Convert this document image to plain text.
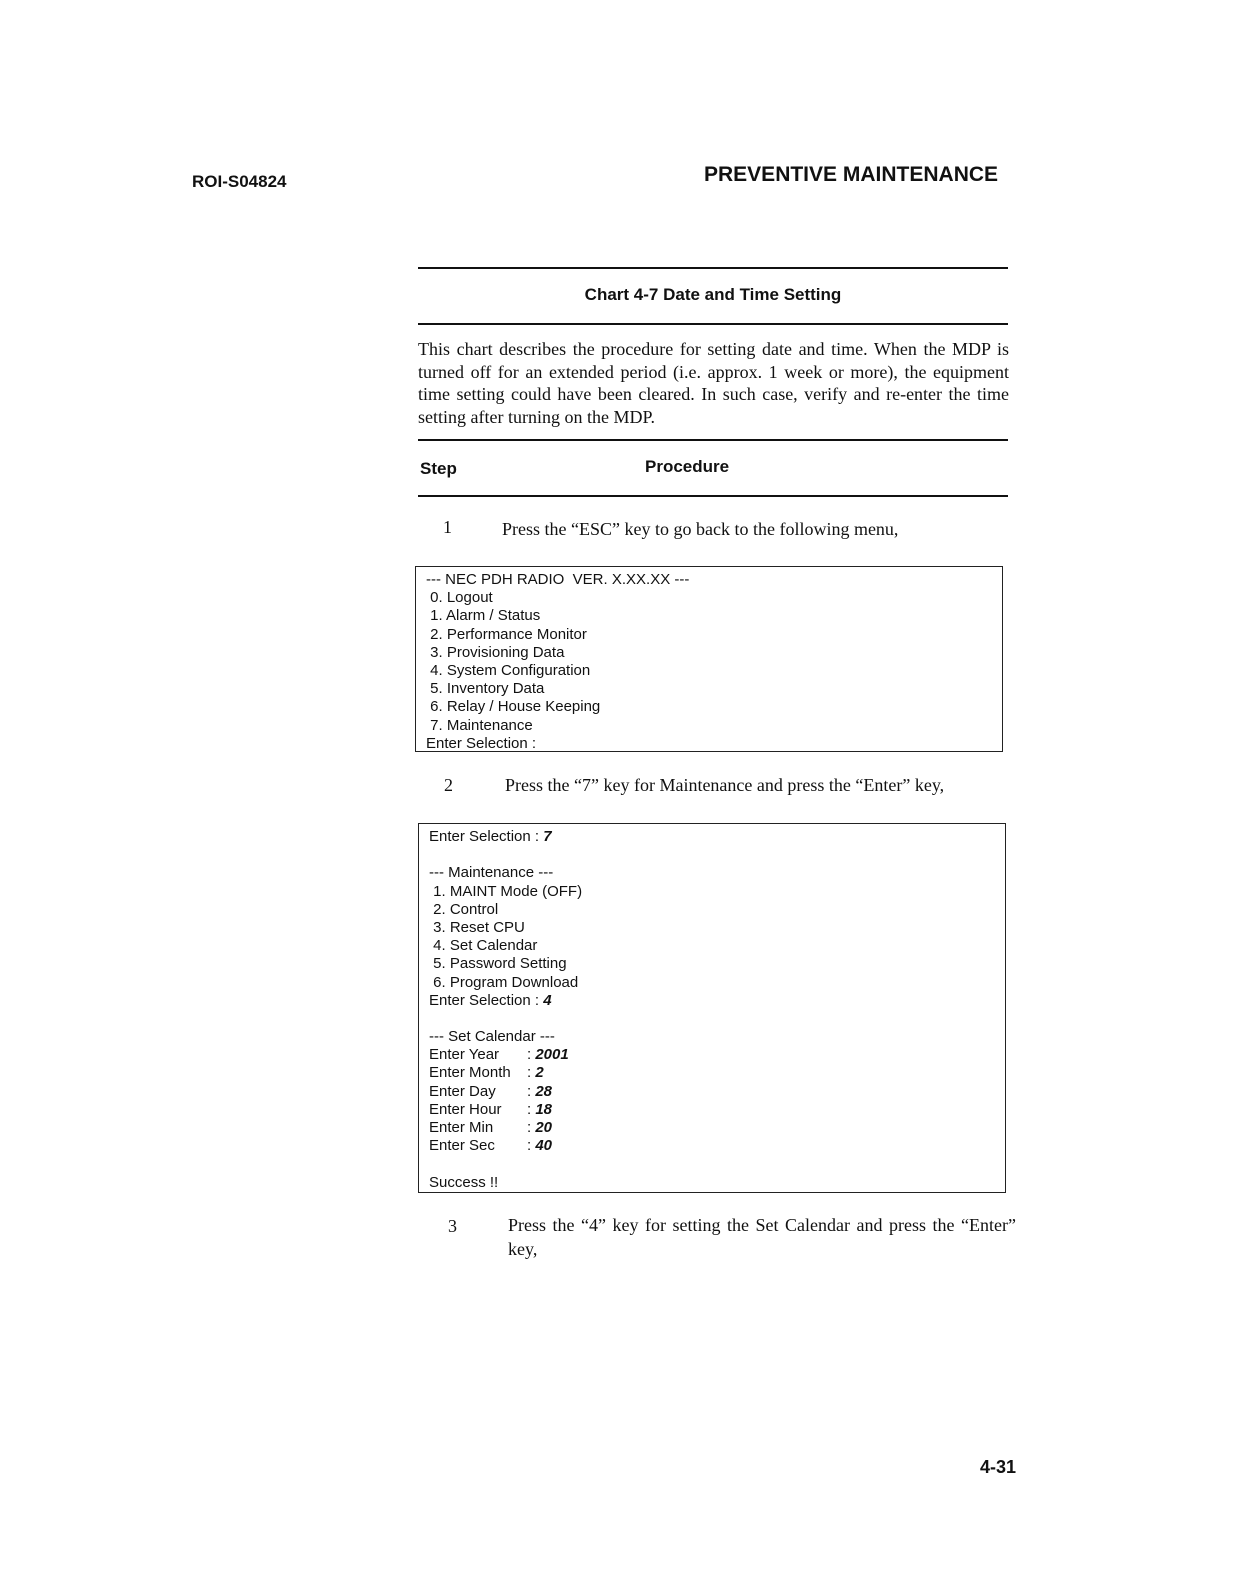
ROI-S04824	PREVENTIVE MAINTENANCE
Chart 4-7 Date and Time Setting
This chart describes the procedure for setting date and time. When the MDP is turned off for an extended period (i.e. approx. 1 week or more), the equipment time setting could have been cleared. In such case, verify and re-enter the time setting after turning on the MDP.
Step	Procedure
1	Press the “ESC” key to go back to the following menu,
--- NEC PDH RADIO  VER. X.XX.XX ---
0. Logout
1. Alarm / Status
2. Performance Monitor
3. Provisioning Data
4. System Configuration
5. Inventory Data
6. Relay / House Keeping
7. Maintenance
Enter Selection :
2	Press the “7” key for Maintenance and press the “Enter” key,
Enter Selection : 7
--- Maintenance ---
1. MAINT Mode (OFF)
2. Control
3. Reset CPU
4. Set Calendar
5. Password Setting
6. Program Download
Enter Selection : 4
--- Set Calendar ---
Enter Year : 2001
Enter Month : 2
Enter Day : 28
Enter Hour : 18
Enter Min : 20
Enter Sec : 40
Success !!
3	Press the “4” key for setting the Set Calendar and press the “Enter” key,
4-31
